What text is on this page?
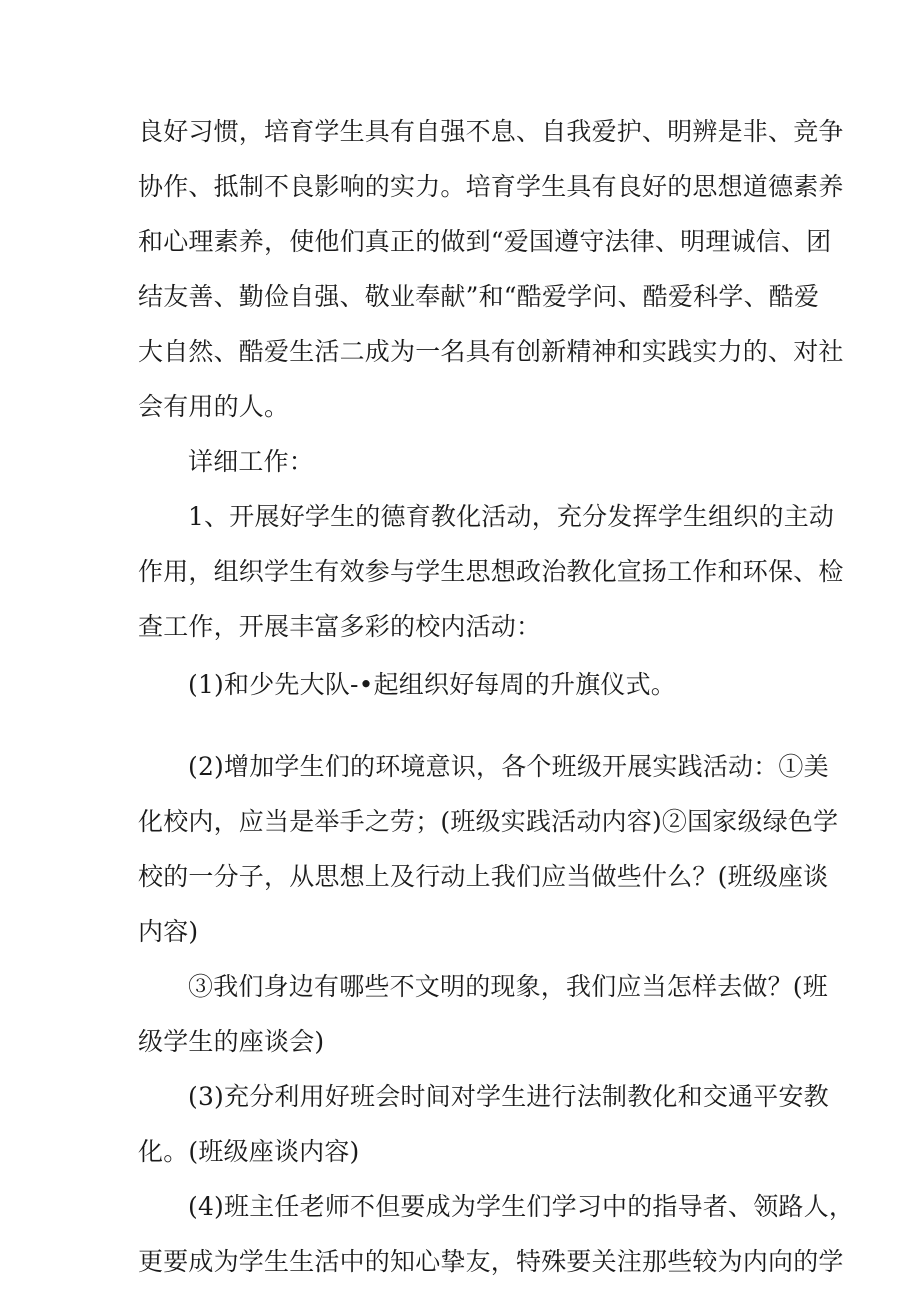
良好习惯，培育学生具有自强不息、自我爱护、明辨是非、竞争
协作、抵制不良影响的实力。培育学生具有良好的思想道德素养
和心理素养，使他们真正的做到“爱国遵守法律、明理诚信、团
结友善、勤俭自强、敬业奉献”和“酷爱学问、酷爱科学、酷爱
大自然、酷爱生活二成为一名具有创新精神和实践实力的、对社
会有用的人。
详细工作：
1、开展好学生的德育教化活动，充分发挥学生组织的主动
作用，组织学生有效参与学生思想政治教化宣扬工作和环保、检
查工作，开展丰富多彩的校内活动：
(1)和少先大队-•起组织好每周的升旗仪式。
(2)增加学生们的环境意识，各个班级开展实践活动：①美
化校内，应当是举手之劳；(班级实践活动内容)②国家级绿色学
校的一分子，从思想上及行动上我们应当做些什么？(班级座谈
内容)
③我们身边有哪些不文明的现象，我们应当怎样去做？(班
级学生的座谈会)
(3)充分利用好班会时间对学生进行法制教化和交通平安教
化。(班级座谈内容)
(4)班主任老师不但要成为学生们学习中的指导者、领路人，
更要成为学生生活中的知心挚友，特殊要关注那些较为内向的学
